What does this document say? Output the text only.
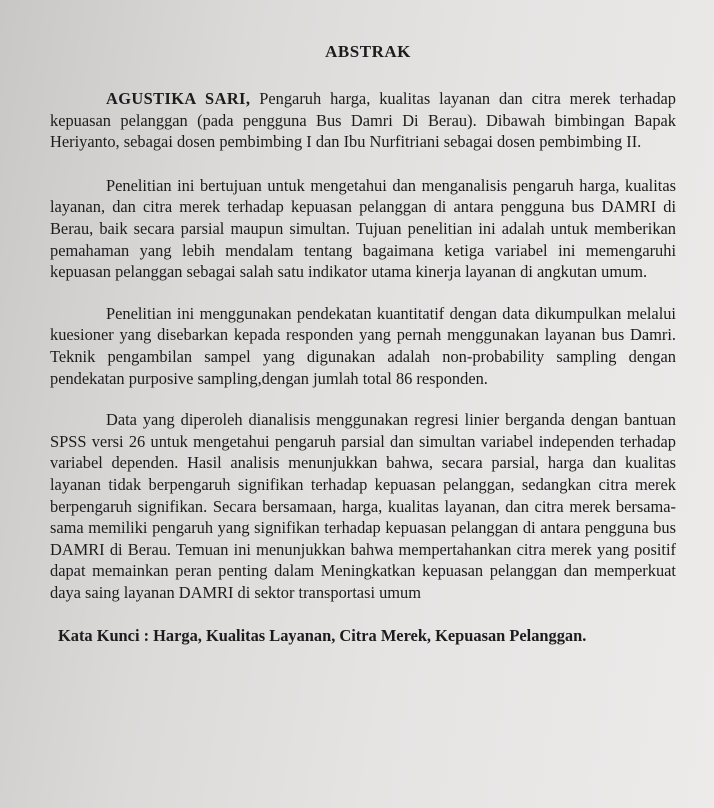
ABSTRAK

AGUSTIKA SARI, Pengaruh harga, kualitas layanan dan citra merek terhadap kepuasan pelanggan (pada pengguna Bus Damri Di Berau). Dibawah bimbingan Bapak Heriyanto, sebagai dosen pembimbing I dan Ibu Nurfitriani sebagai dosen pembimbing II.

Penelitian ini bertujuan untuk mengetahui dan menganalisis pengaruh harga, kualitas layanan, dan citra merek terhadap kepuasan pelanggan di antara pengguna bus DAMRI di Berau, baik secara parsial maupun simultan. Tujuan penelitian ini adalah untuk memberikan pemahaman yang lebih mendalam tentang bagaimana ketiga variabel ini memengaruhi kepuasan pelanggan sebagai salah satu indikator utama kinerja layanan di angkutan umum.

Penelitian ini menggunakan pendekatan kuantitatif dengan data dikumpulkan melalui kuesioner yang disebarkan kepada responden yang pernah menggunakan layanan bus Damri. Teknik pengambilan sampel yang digunakan adalah non-probability sampling dengan pendekatan purposive sampling,dengan jumlah total 86 responden.

Data yang diperoleh dianalisis menggunakan regresi linier berganda dengan bantuan SPSS versi 26 untuk mengetahui pengaruh parsial dan simultan variabel independen terhadap variabel dependen. Hasil analisis menunjukkan bahwa, secara parsial, harga dan kualitas layanan tidak berpengaruh signifikan terhadap kepuasan pelanggan, sedangkan citra merek berpengaruh signifikan. Secara bersamaan, harga, kualitas layanan, dan citra merek bersama-sama memiliki pengaruh yang signifikan terhadap kepuasan pelanggan di antara pengguna bus DAMRI di Berau. Temuan ini menunjukkan bahwa mempertahankan citra merek yang positif dapat memainkan peran penting dalam Meningkatkan kepuasan pelanggan dan memperkuat daya saing layanan DAMRI di sektor transportasi umum

Kata Kunci : Harga, Kualitas Layanan, Citra Merek, Kepuasan Pelanggan.
